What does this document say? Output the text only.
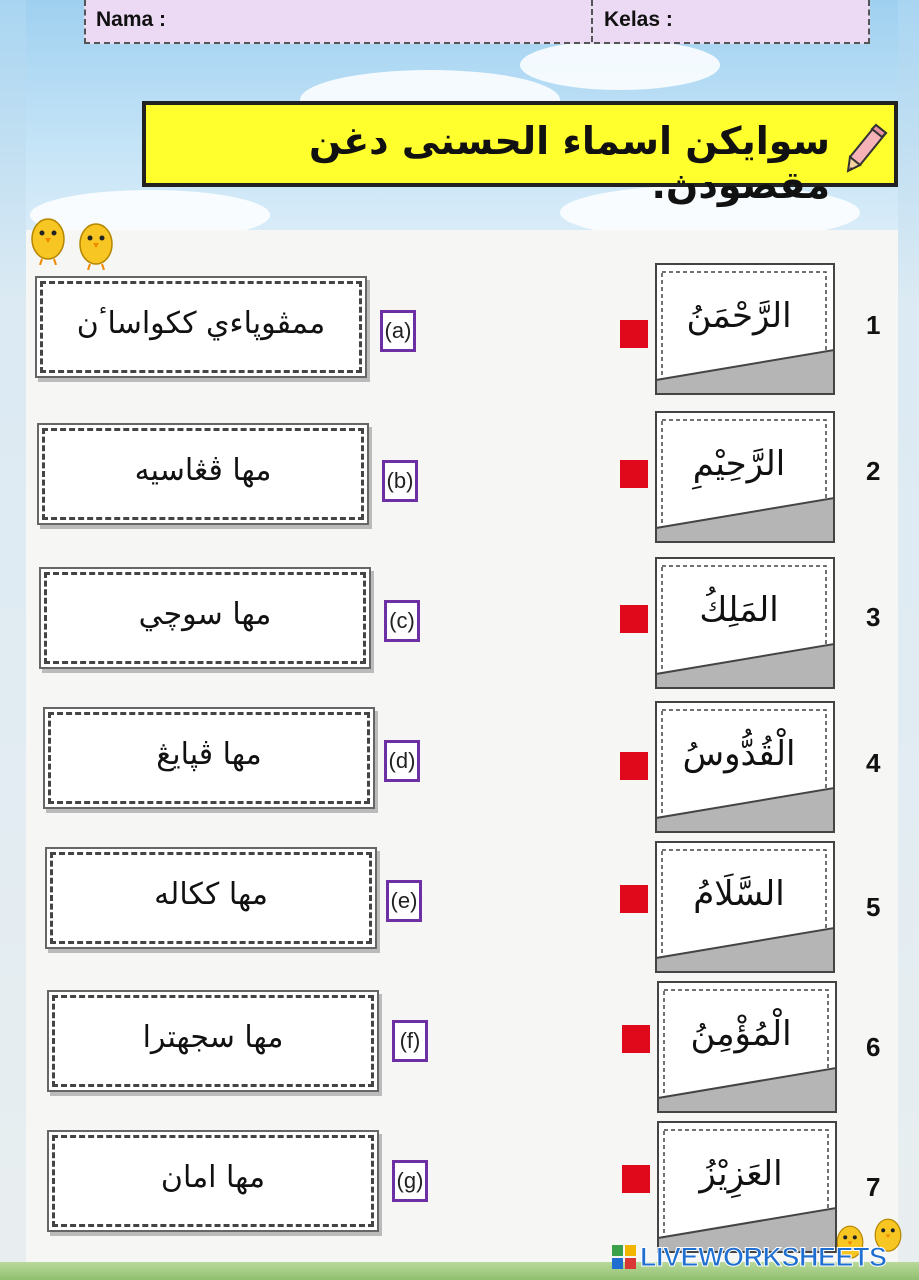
Nama :	Kelas :
سوايكن اسماء الحسنى دغن مقصودڽ.
ممڤوڽاءي ککواساٴن
مها ڤڠاسيه
مها سوچي
مها ڤڽايڠ
مها ککاله
مها سجهترا
مها امان
(a)
(b)
(c)
(d)
(e)
(f)
(g)
الرَّحْمَنُ
الرَّحِيْمِ
المَلِكُ
الْقُدُّوسُ
السَّلَامُ
الْمُؤْمِنُ
العَزِيْزُ
1
2
3
4
5
6
7
LIVEWORKSHEETS
